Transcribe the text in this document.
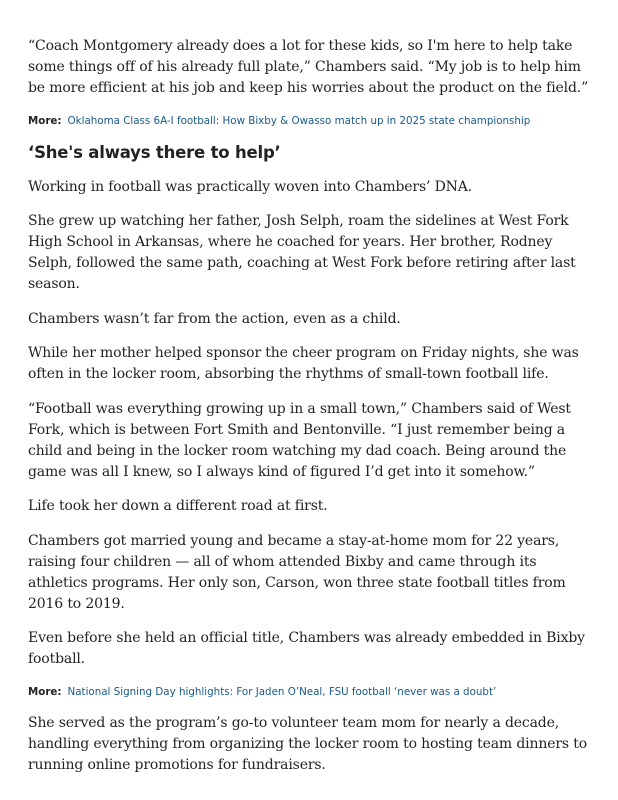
“Coach Montgomery already does a lot for these kids, so I'm here to help take some things off of his already full plate,” Chambers said. “My job is to help him be more efficient at his job and keep his worries about the product on the field.”

More: Oklahoma Class 6A-I football: How Bixby & Owasso match up in 2025 state championship
‘She's always there to help’

Working in football was practically woven into Chambers’ DNA.

She grew up watching her father, Josh Selph, roam the sidelines at West Fork High School in Arkansas, where he coached for years. Her brother, Rodney Selph, followed the same path, coaching at West Fork before retiring after last season.

Chambers wasn’t far from the action, even as a child.

While her mother helped sponsor the cheer program on Friday nights, she was often in the locker room, absorbing the rhythms of small-town football life.

“Football was everything growing up in a small town,” Chambers said of West Fork, which is between Fort Smith and Bentonville. “I just remember being a child and being in the locker room watching my dad coach. Being around the game was all I knew, so I always kind of figured I’d get into it somehow.”

Life took her down a different road at first.

Chambers got married young and became a stay-at-home mom for 22 years, raising four children — all of whom attended Bixby and came through its athletics programs. Her only son, Carson, won three state football titles from 2016 to 2019.

Even before she held an official title, Chambers was already embedded in Bixby football.

More: National Signing Day highlights: For Jaden O’Neal, FSU football ‘never was a doubt’

She served as the program’s go-to volunteer team mom for nearly a decade, handling everything from organizing the locker room to hosting team dinners to running online promotions for fundraisers.
